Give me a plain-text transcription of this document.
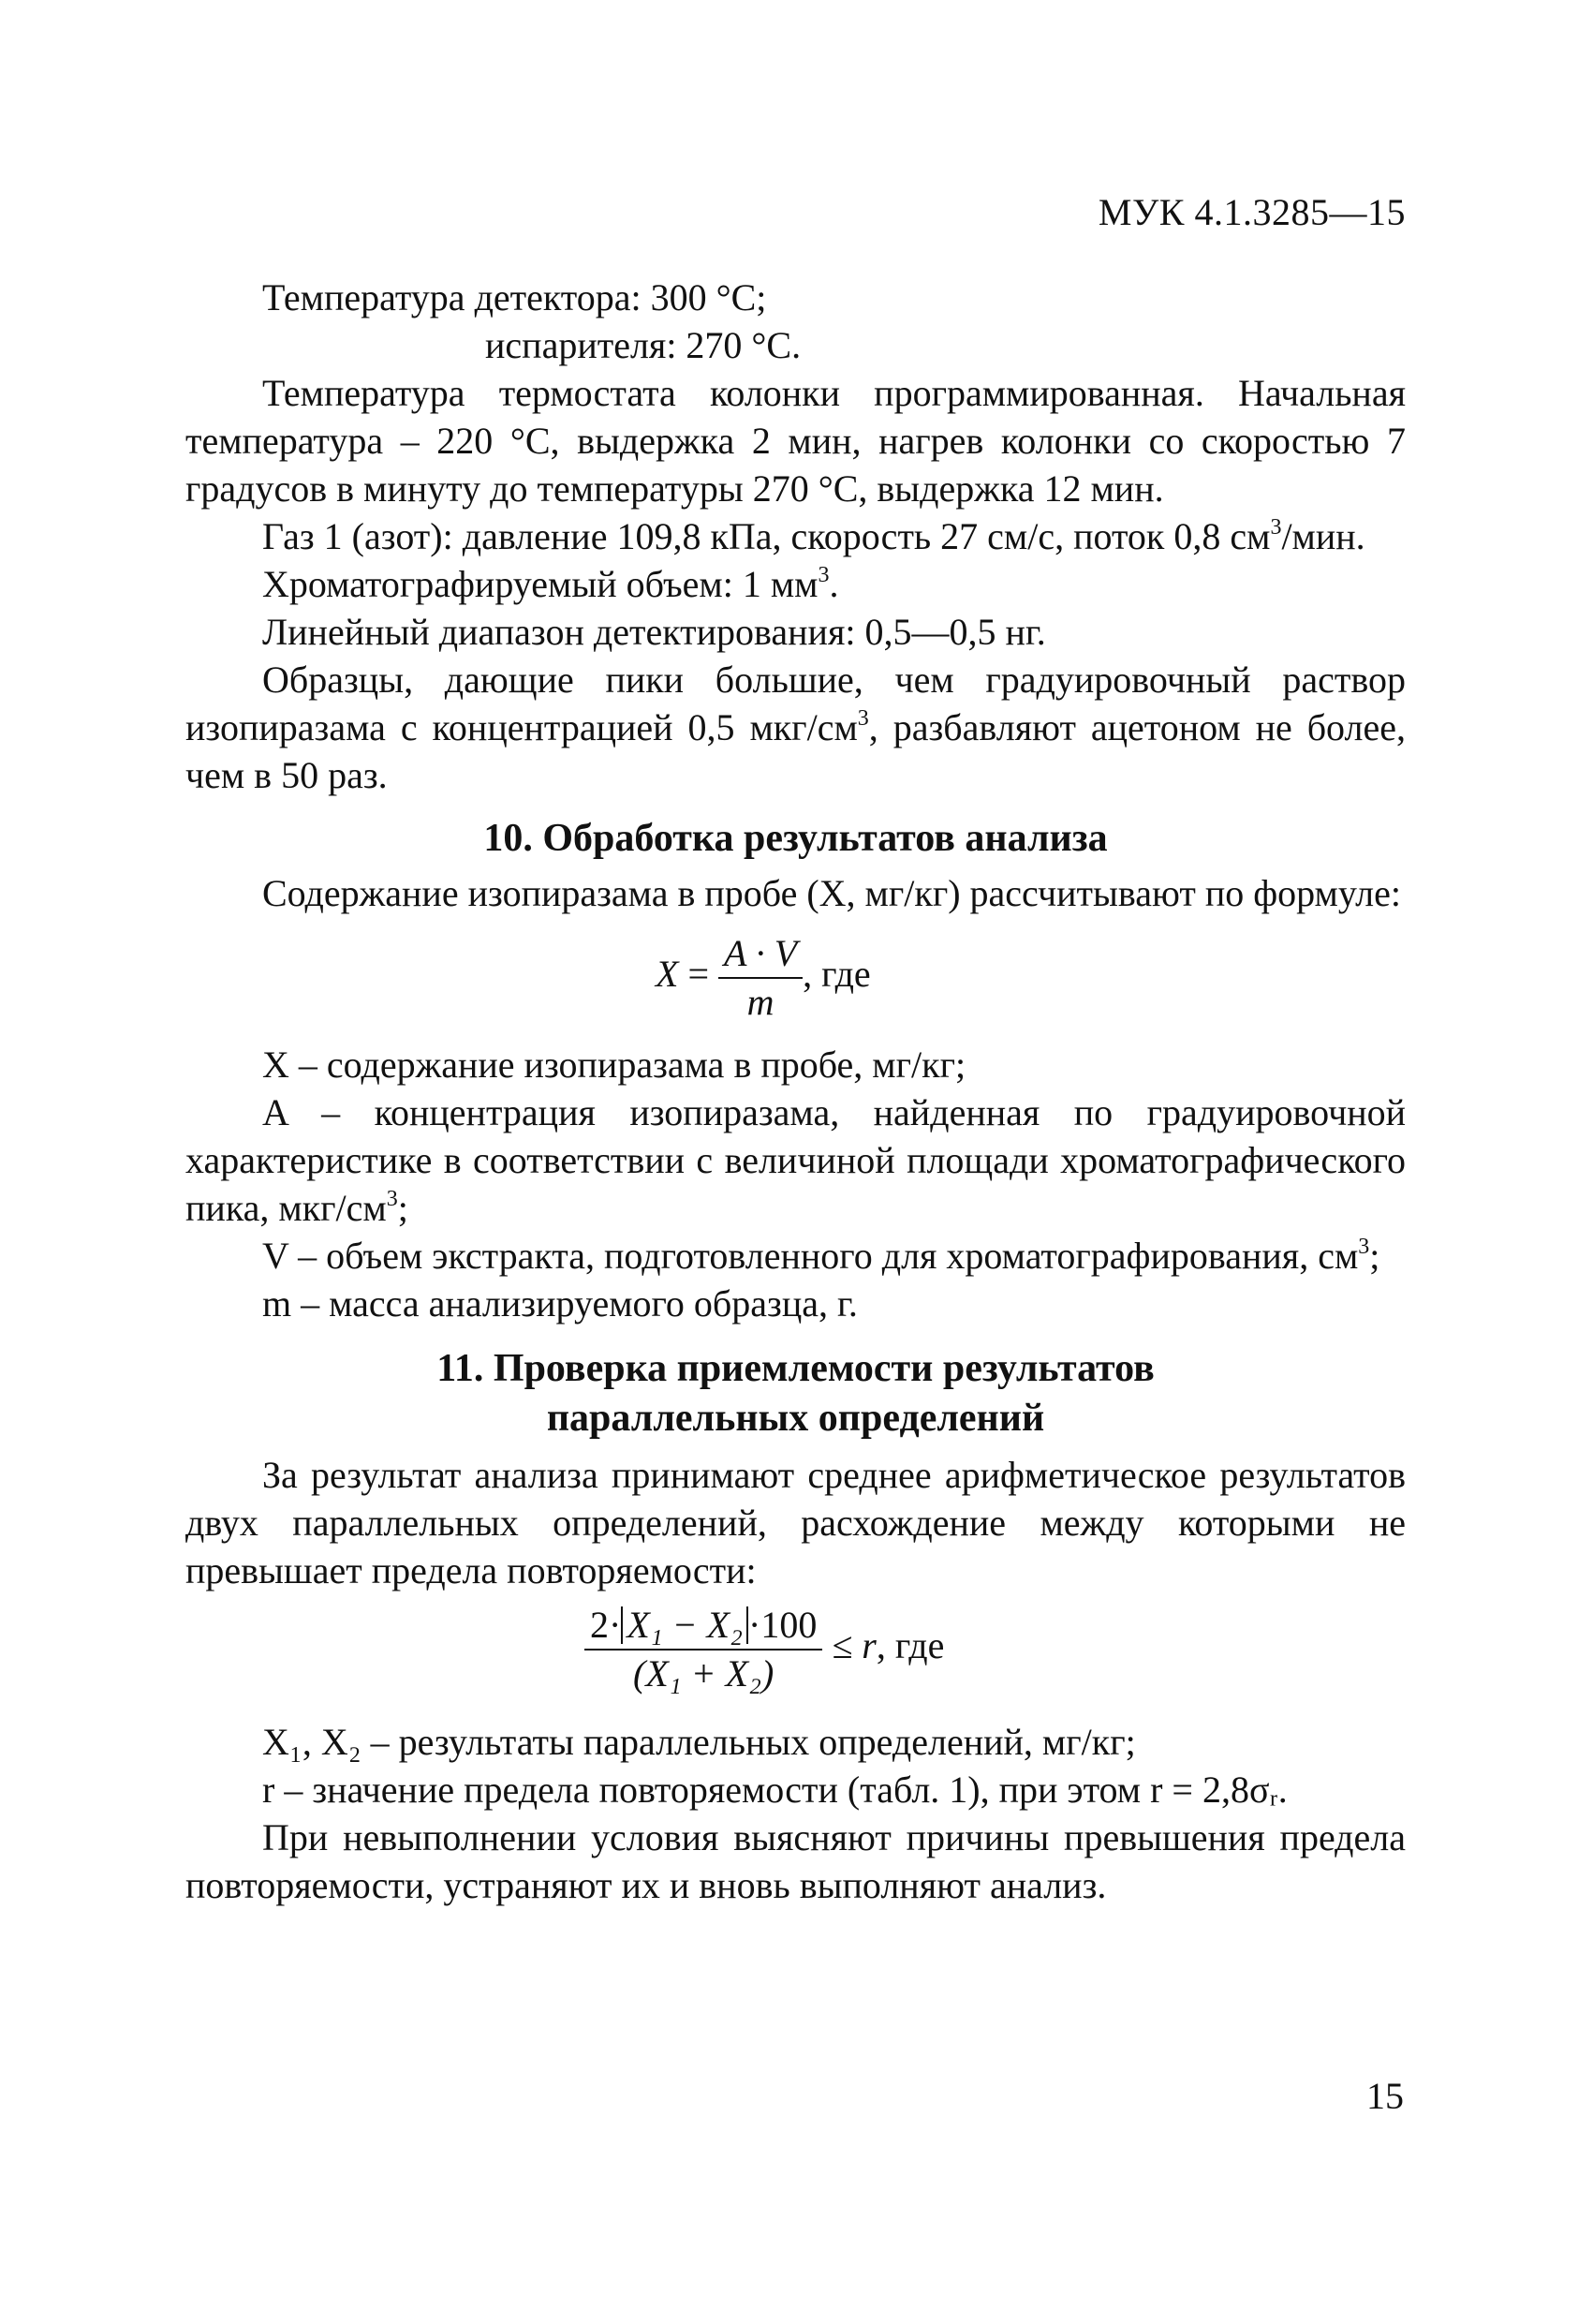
МУК 4.1.3285—15

Температура детектора: 300 °С;

испарителя: 270 °С.

Температура термостата колонки программированная. Начальная температура – 220 °С, выдержка 2 мин, нагрев колонки со скоростью 7 градусов в минуту до температуры 270 °С, выдержка 12 мин.

Газ 1 (азот): давление 109,8 кПа, скорость 27 см/с, поток 0,8 $см^3$/мин.

Хроматографируемый объем: 1 $мм^3$.

Линейный диапазон детектирования: 0,5—0,5 нг.

Образцы, дающие пики большие, чем градуировочный раствор изопиразама с концентрацией 0,5 мкг/$см^3$, разбавляют ацетоном не более, чем в 50 раз.

10. Обработка результатов анализа

Содержание изопиразама в пробе (X, мг/кг) рассчитывают по формуле:

$X = \frac{A \cdot V}{m}$ , где

X – содержание изопиразама в пробе, мг/кг;

A – концентрация изопиразама, найденная по градуировочной характеристике в соответствии с величиной площади хроматографического пика, мкг/$см^3$;

V – объем экстракта, подготовленного для хроматографирования, $см^3$;

m – масса анализируемого образца, г.

11. Проверка приемлемости результатов

параллельных определений

За результат анализа принимают среднее арифметическое результатов двух параллельных определений, расхождение между которыми не превышает предела повторяемости:

$\frac{\text{2· X₁ − X₂ ·100}}{\text{(X₁ + X₂)}} \le r$, где

X₁, X₂ – результаты параллельных определений, мг/кг;

r – значение предела повторяемости (табл. 1), при этом r = 2,8σᵣ.

При невыполнении условия выясняют причины превышения предела повторяемости, устраняют их и вновь выполняют анализ.

15
